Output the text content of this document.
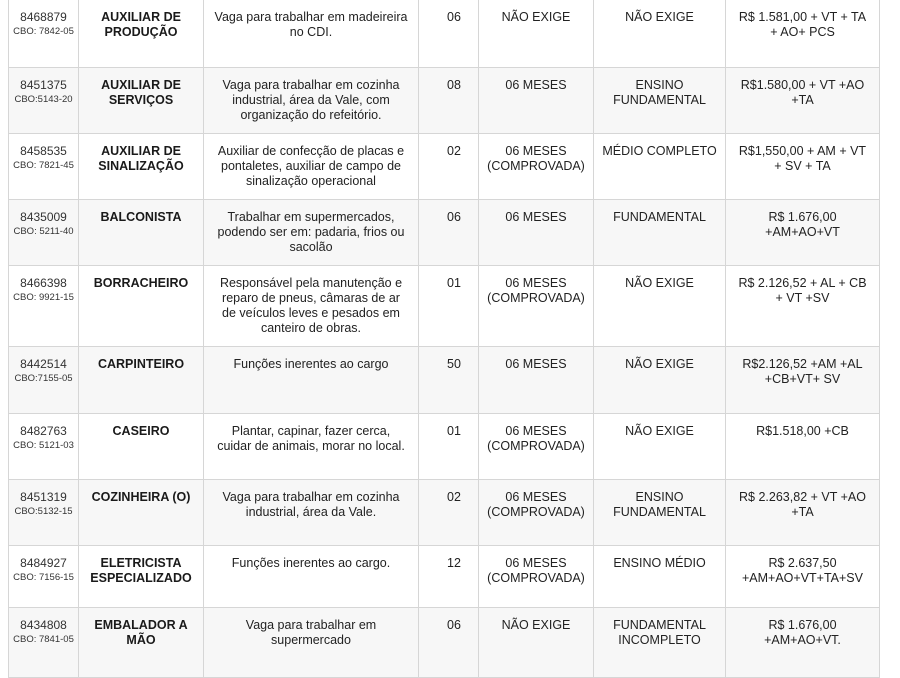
8468879
CBO: 7842-05	AUXILIAR DE PRODUÇÃO	Vaga para trabalhar em madeireira no CDI.	06	NÃO EXIGE	NÃO EXIGE	R$ 1.581,00 + VT + TA + AO+ PCS

8451375
CBO:5143-20	AUXILIAR DE SERVIÇOS	Vaga para trabalhar em cozinha industrial, área da Vale, com organização do refeitório.	08	06 MESES	ENSINO FUNDAMENTAL	R$1.580,00 + VT +AO +TA

8458535
CBO: 7821-45	AUXILIAR DE SINALIZAÇÃO	Auxiliar de confecção de placas e pontaletes, auxiliar de campo de sinalização operacional	02	06 MESES (COMPROVADA)	MÉDIO COMPLETO	R$1,550,00 + AM + VT + SV + TA

8435009
CBO: 5211-40	BALCONISTA	Trabalhar em supermercados, podendo ser em: padaria, frios ou sacolão	06	06 MESES	FUNDAMENTAL	R$ 1.676,00 +AM+AO+VT

8466398
CBO: 9921-15	BORRACHEIRO	Responsável pela manutenção e reparo de pneus, câmaras de ar de veículos leves e pesados em canteiro de obras.	01	06 MESES (COMPROVADA)	NÃO EXIGE	R$ 2.126,52 + AL + CB + VT +SV

8442514
CBO:7155-05	CARPINTEIRO	Funções inerentes ao cargo	50	06 MESES	NÃO EXIGE	R$2.126,52 +AM +AL +CB+VT+ SV

8482763
CBO: 5121-03	CASEIRO	Plantar, capinar, fazer cerca, cuidar de animais, morar no local.	01	06 MESES (COMPROVADA)	NÃO EXIGE	R$1.518,00 +CB

8451319
CBO:5132-15	COZINHEIRA (O)	Vaga para trabalhar em cozinha industrial, área da Vale.	02	06 MESES (COMPROVADA)	ENSINO FUNDAMENTAL	R$ 2.263,82 + VT +AO +TA

8484927
CBO: 7156-15	ELETRICISTA ESPECIALIZADO	Funções inerentes ao cargo.	12	06 MESES (COMPROVADA)	ENSINO MÉDIO	R$ 2.637,50 +AM+AO+VT+TA+SV

8434808
CBO: 7841-05	EMBALADOR A MÃO	Vaga para trabalhar em supermercado	06	NÃO EXIGE	FUNDAMENTAL INCOMPLETO	R$ 1.676,00 +AM+AO+VT.
